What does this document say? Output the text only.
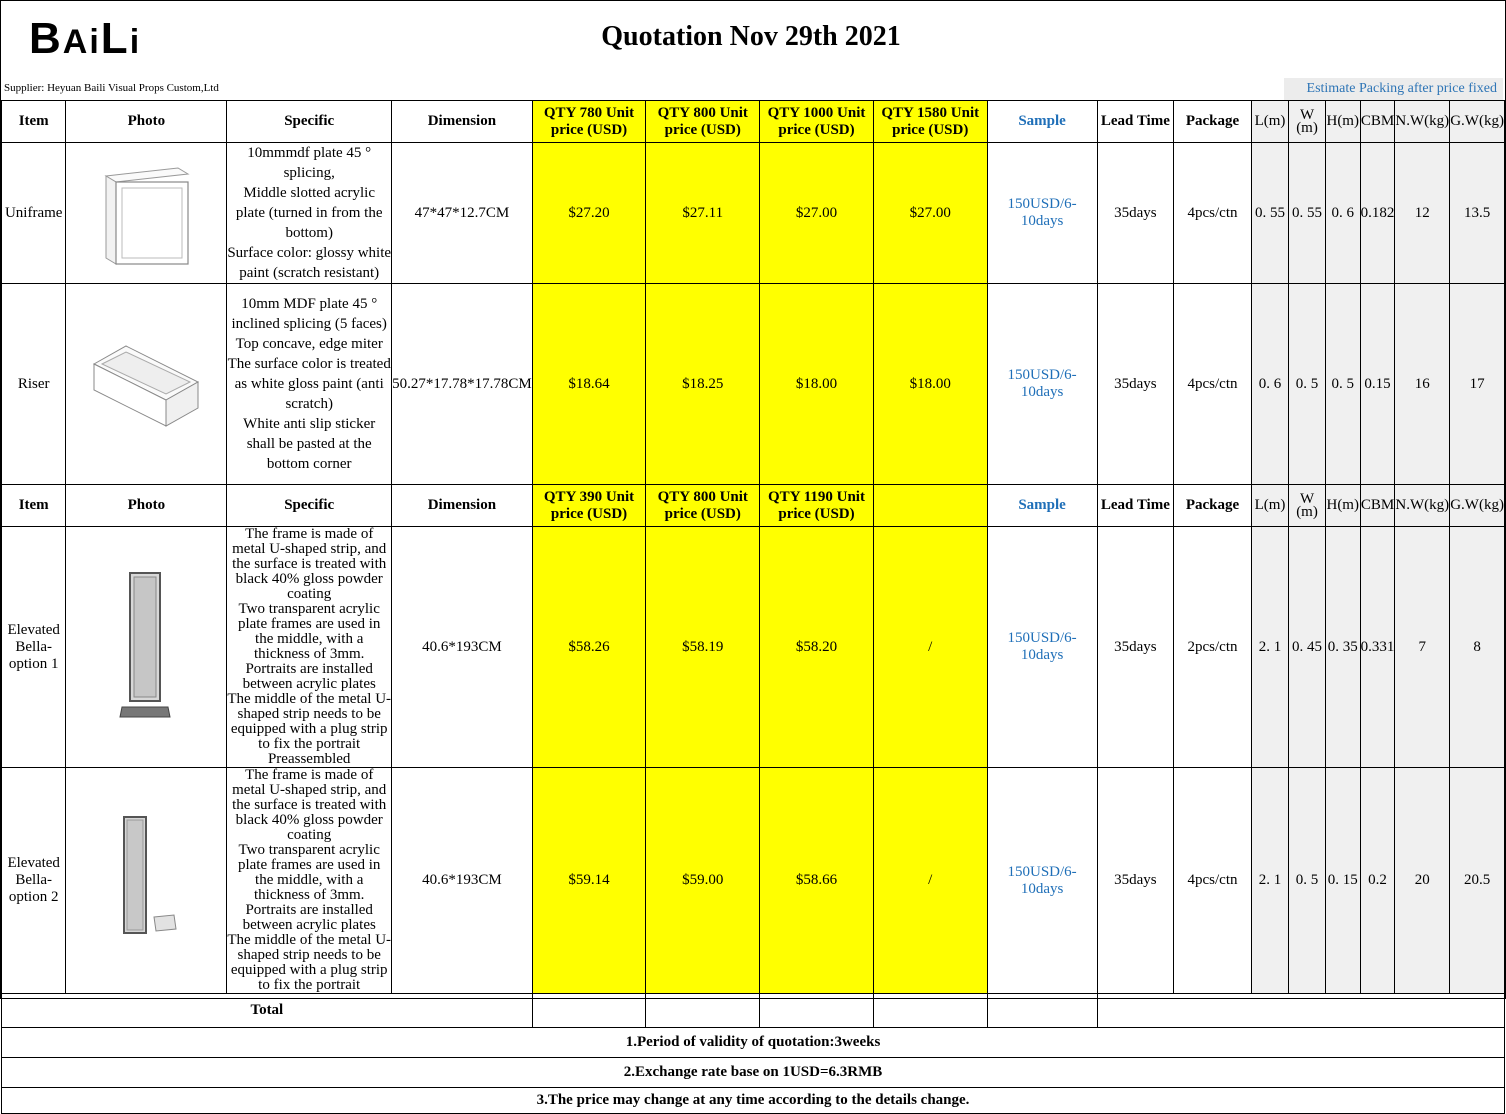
BAiLi	Quotation Nov 29th 2021
Supplier: Heyuan Baili Visual Props Custom,Ltd	Estimate Packing after price fixed
Item	Photo	Specific	Dimension	QTY 780 Unit price (USD)	QTY 800 Unit price (USD)	QTY 1000 Unit price (USD)	QTY 1580 Unit price (USD)	Sample	Lead Time	Package	L(m)	W (m)	H(m)	CBM	N.W(kg)	G.W(kg)
Uniframe		10mmmdf plate 45 ° splicing,
Middle slotted acrylic plate (turned in from the bottom)
Surface color: glossy white paint (scratch resistant)	47*47*12.7CM	$27.20	$27.11	$27.00	$27.00	150USD/6-10days	35days	4pcs/ctn	0. 55	0. 55	0. 6	0.182	12	13.5
Riser		10mm MDF plate 45 ° inclined splicing (5 faces)
Top concave, edge miter
The surface color is treated as white gloss paint (anti scratch)
White anti slip sticker shall be pasted at the bottom corner	50.27*17.78*17.78CM	$18.64	$18.25	$18.00	$18.00	150USD/6-10days	35days	4pcs/ctn	0. 6	0. 5	0. 5	0.15	16	17
Item	Photo	Specific	Dimension	QTY 390 Unit price (USD)	QTY 800 Unit price (USD)	QTY 1190 Unit price (USD)		Sample	Lead Time	Package	L(m)	W (m)	H(m)	CBM	N.W(kg)	G.W(kg)
Elevated Bella-option 1		The frame is made of metal U-shaped strip, and the surface is treated with black 40% gloss powder coating
Two transparent acrylic plate frames are used in the middle, with a thickness of 3mm. Portraits are installed between acrylic plates
The middle of the metal U-shaped strip needs to be equipped with a plug strip to fix the portrait
Preassembled	40.6*193CM	$58.26	$58.19	$58.20	/	150USD/6-10days	35days	2pcs/ctn	2. 1	0. 45	0. 35	0.331	7	8
Elevated Bella-option 2		The frame is made of metal U-shaped strip, and the surface is treated with black 40% gloss powder coating
Two transparent acrylic plate frames are used in the middle, with a thickness of 3mm. Portraits are installed between acrylic plates
The middle of the metal U-shaped strip needs to be equipped with a plug strip to fix the portrait	40.6*193CM	$59.14	$59.00	$58.66	/	150USD/6-10days	35days	4pcs/ctn	2. 1	0. 5	0. 15	0.2	20	20.5
Total																
1.Period of validity of quotation:3weeks																
2.Exchange rate base on 1USD=6.3RMB																
3.The price may change at any time according to the details change.																
